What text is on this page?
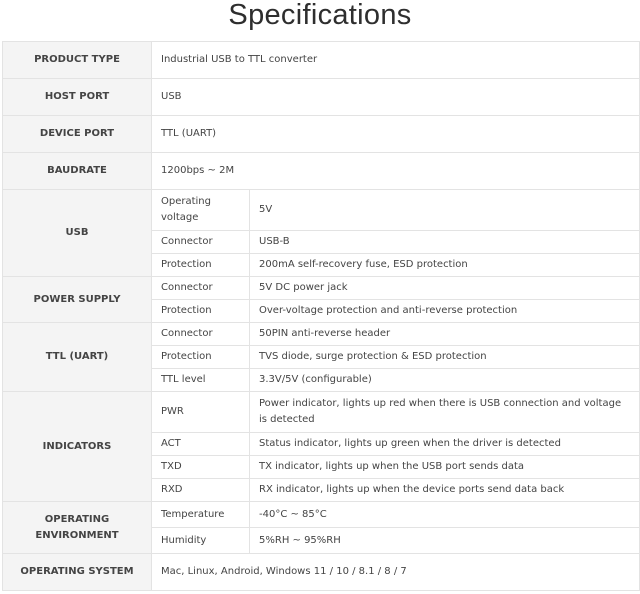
Specifications
PRODUCT TYPE	Industrial USB to TTL converter	
HOST PORT	USB	
DEVICE PORT	TTL (UART)	
BAUDRATE	1200bps ~ 2M	
USB	Operating voltage	5V
	Connector	USB-B
	Protection	200mA self-recovery fuse, ESD protection
POWER SUPPLY	Connector	5V DC power jack
	Protection	Over-voltage protection and anti-reverse protection
TTL (UART)	Connector	50PIN anti-reverse header
	Protection	TVS diode, surge protection & ESD protection
	TTL level	3.3V/5V (configurable)
INDICATORS	PWR	Power indicator, lights up red when there is USB connection and voltage is detected
	ACT	Status indicator, lights up green when the driver is detected
	TXD	TX indicator, lights up when the USB port sends data
	RXD	RX indicator, lights up when the device ports send data back
OPERATING ENVIRONMENT	Temperature	-40°C ~ 85°C
	Humidity	5%RH ~ 95%RH
OPERATING SYSTEM	Mac, Linux, Android, Windows 11 / 10 / 8.1 / 8 / 7	
